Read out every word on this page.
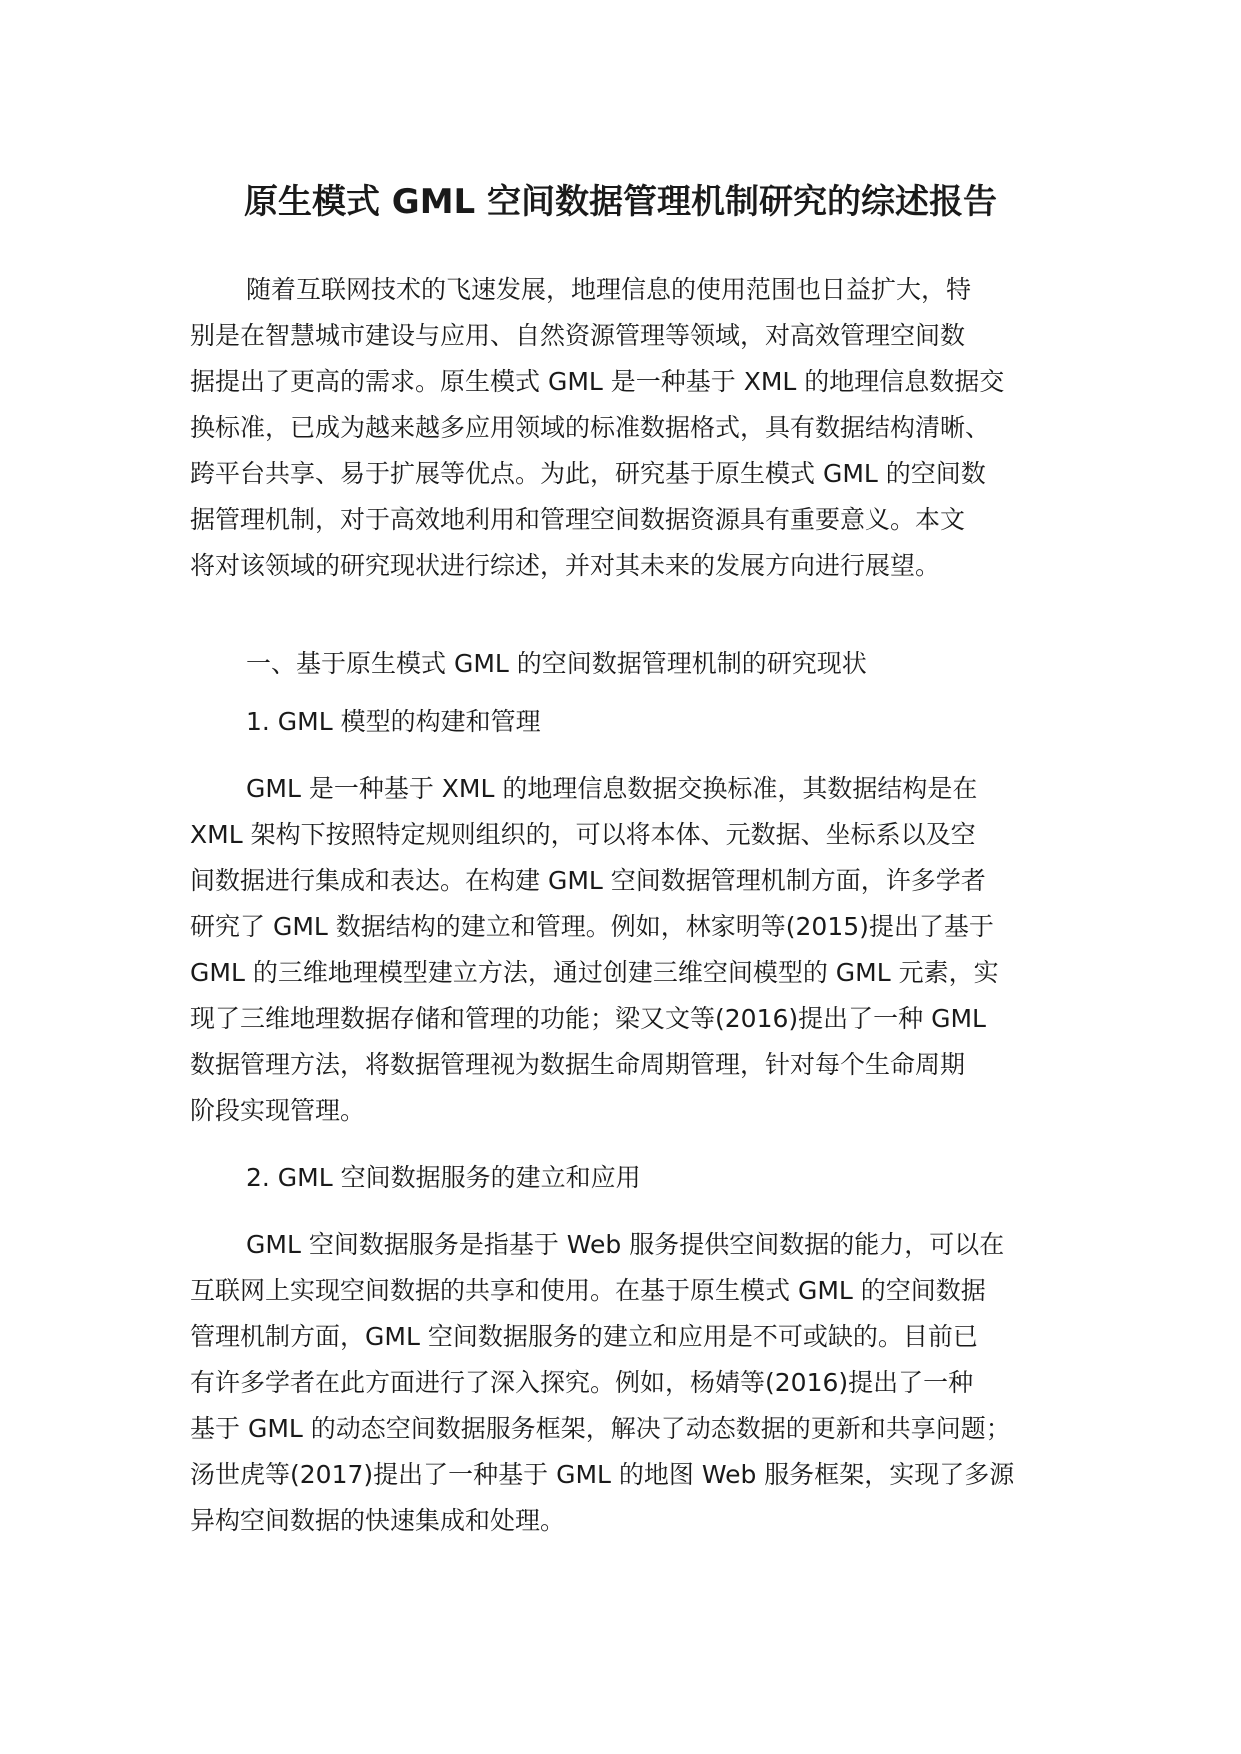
原生模式 GML 空间数据管理机制研究的综述报告

随着互联网技术的飞速发展，地理信息的使用范围也日益扩大，特
别是在智慧城市建设与应用、自然资源管理等领域，对高效管理空间数
据提出了更高的需求。原生模式 GML 是一种基于 XML 的地理信息数据交
换标准，已成为越来越多应用领域的标准数据格式，具有数据结构清晰、
跨平台共享、易于扩展等优点。为此，研究基于原生模式 GML 的空间数
据管理机制，对于高效地利用和管理空间数据资源具有重要意义。本文
将对该领域的研究现状进行综述，并对其未来的发展方向进行展望。

一、基于原生模式 GML 的空间数据管理机制的研究现状

1. GML 模型的构建和管理

GML 是一种基于 XML 的地理信息数据交换标准，其数据结构是在
XML 架构下按照特定规则组织的，可以将本体、元数据、坐标系以及空
间数据进行集成和表达。在构建 GML 空间数据管理机制方面，许多学者
研究了 GML 数据结构的建立和管理。例如，林家明等(2015)提出了基于
GML 的三维地理模型建立方法，通过创建三维空间模型的 GML 元素，实
现了三维地理数据存储和管理的功能；梁又文等(2016)提出了一种 GML
数据管理方法，将数据管理视为数据生命周期管理，针对每个生命周期
阶段实现管理。

2. GML 空间数据服务的建立和应用

GML 空间数据服务是指基于 Web 服务提供空间数据的能力，可以在
互联网上实现空间数据的共享和使用。在基于原生模式 GML 的空间数据
管理机制方面，GML 空间数据服务的建立和应用是不可或缺的。目前已
有许多学者在此方面进行了深入探究。例如，杨婧等(2016)提出了一种
基于 GML 的动态空间数据服务框架，解决了动态数据的更新和共享问题；
汤世虎等(2017)提出了一种基于 GML 的地图 Web 服务框架，实现了多源
异构空间数据的快速集成和处理。
